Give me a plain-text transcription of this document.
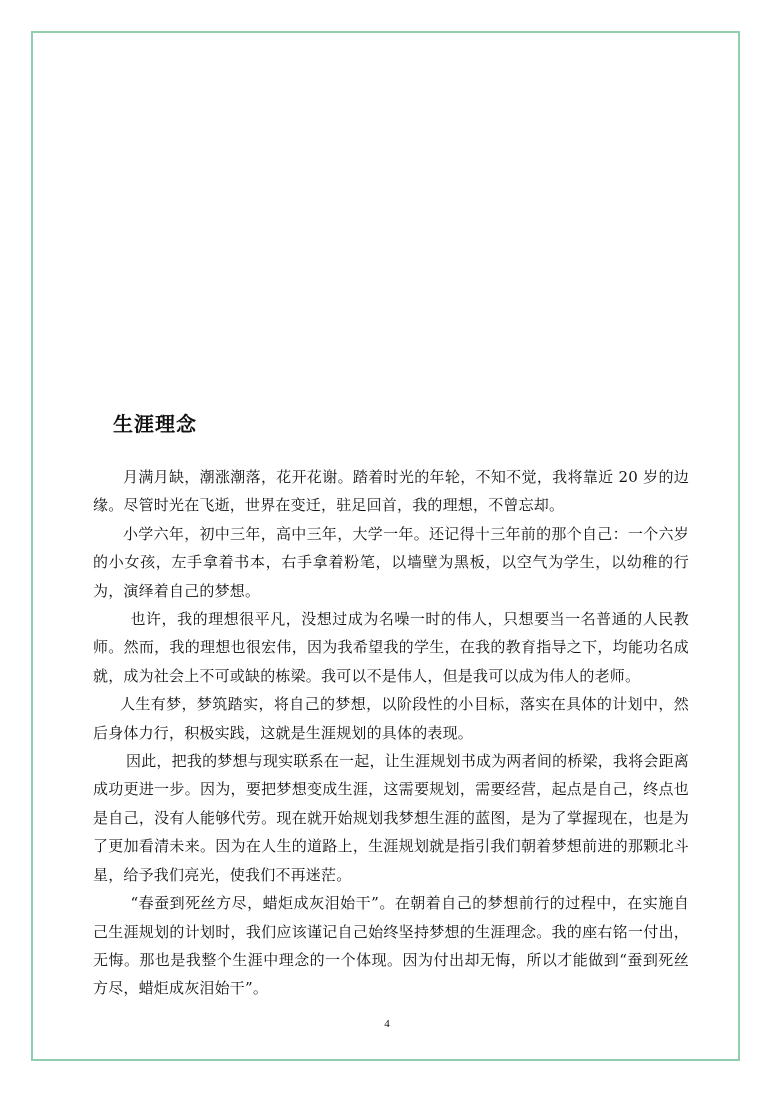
生涯理念

月满月缺，潮涨潮落，花开花谢。踏着时光的年轮，不知不觉，我将靠近 20 岁的边缘。尽管时光在飞逝，世界在变迁，驻足回首，我的理想，不曾忘却。

小学六年，初中三年，高中三年，大学一年。还记得十三年前的那个自己：一个六岁的小女孩，左手拿着书本，右手拿着粉笔，以墙壁为黑板，以空气为学生，以幼稚的行为，演绎着自己的梦想。

也许，我的理想很平凡，没想过成为名噪一时的伟人，只想要当一名普通的人民教师。然而，我的理想也很宏伟，因为我希望我的学生，在我的教育指导之下，均能功名成就，成为社会上不可或缺的栋梁。我可以不是伟人，但是我可以成为伟人的老师。

人生有梦，梦筑踏实，将自己的梦想，以阶段性的小目标，落实在具体的计划中，然后身体力行，积极实践，这就是生涯规划的具体的表现。

因此，把我的梦想与现实联系在一起，让生涯规划书成为两者间的桥梁，我将会距离成功更进一步。因为，要把梦想变成生涯，这需要规划，需要经营，起点是自己，终点也是自己，没有人能够代劳。现在就开始规划我梦想生涯的蓝图，是为了掌握现在，也是为了更加看清未来。因为在人生的道路上，生涯规划就是指引我们朝着梦想前进的那颗北斗星，给予我们亮光，使我们不再迷茫。

“春蚕到死丝方尽，蜡炬成灰泪始干”。在朝着自己的梦想前行的过程中，在实施自己生涯规划的计划时，我们应该谨记自己始终坚持梦想的生涯理念。我的座右铭一付出，无悔。那也是我整个生涯中理念的一个体现。因为付出却无悔，所以才能做到“蚕到死丝方尽，蜡炬成灰泪始干”。

4
